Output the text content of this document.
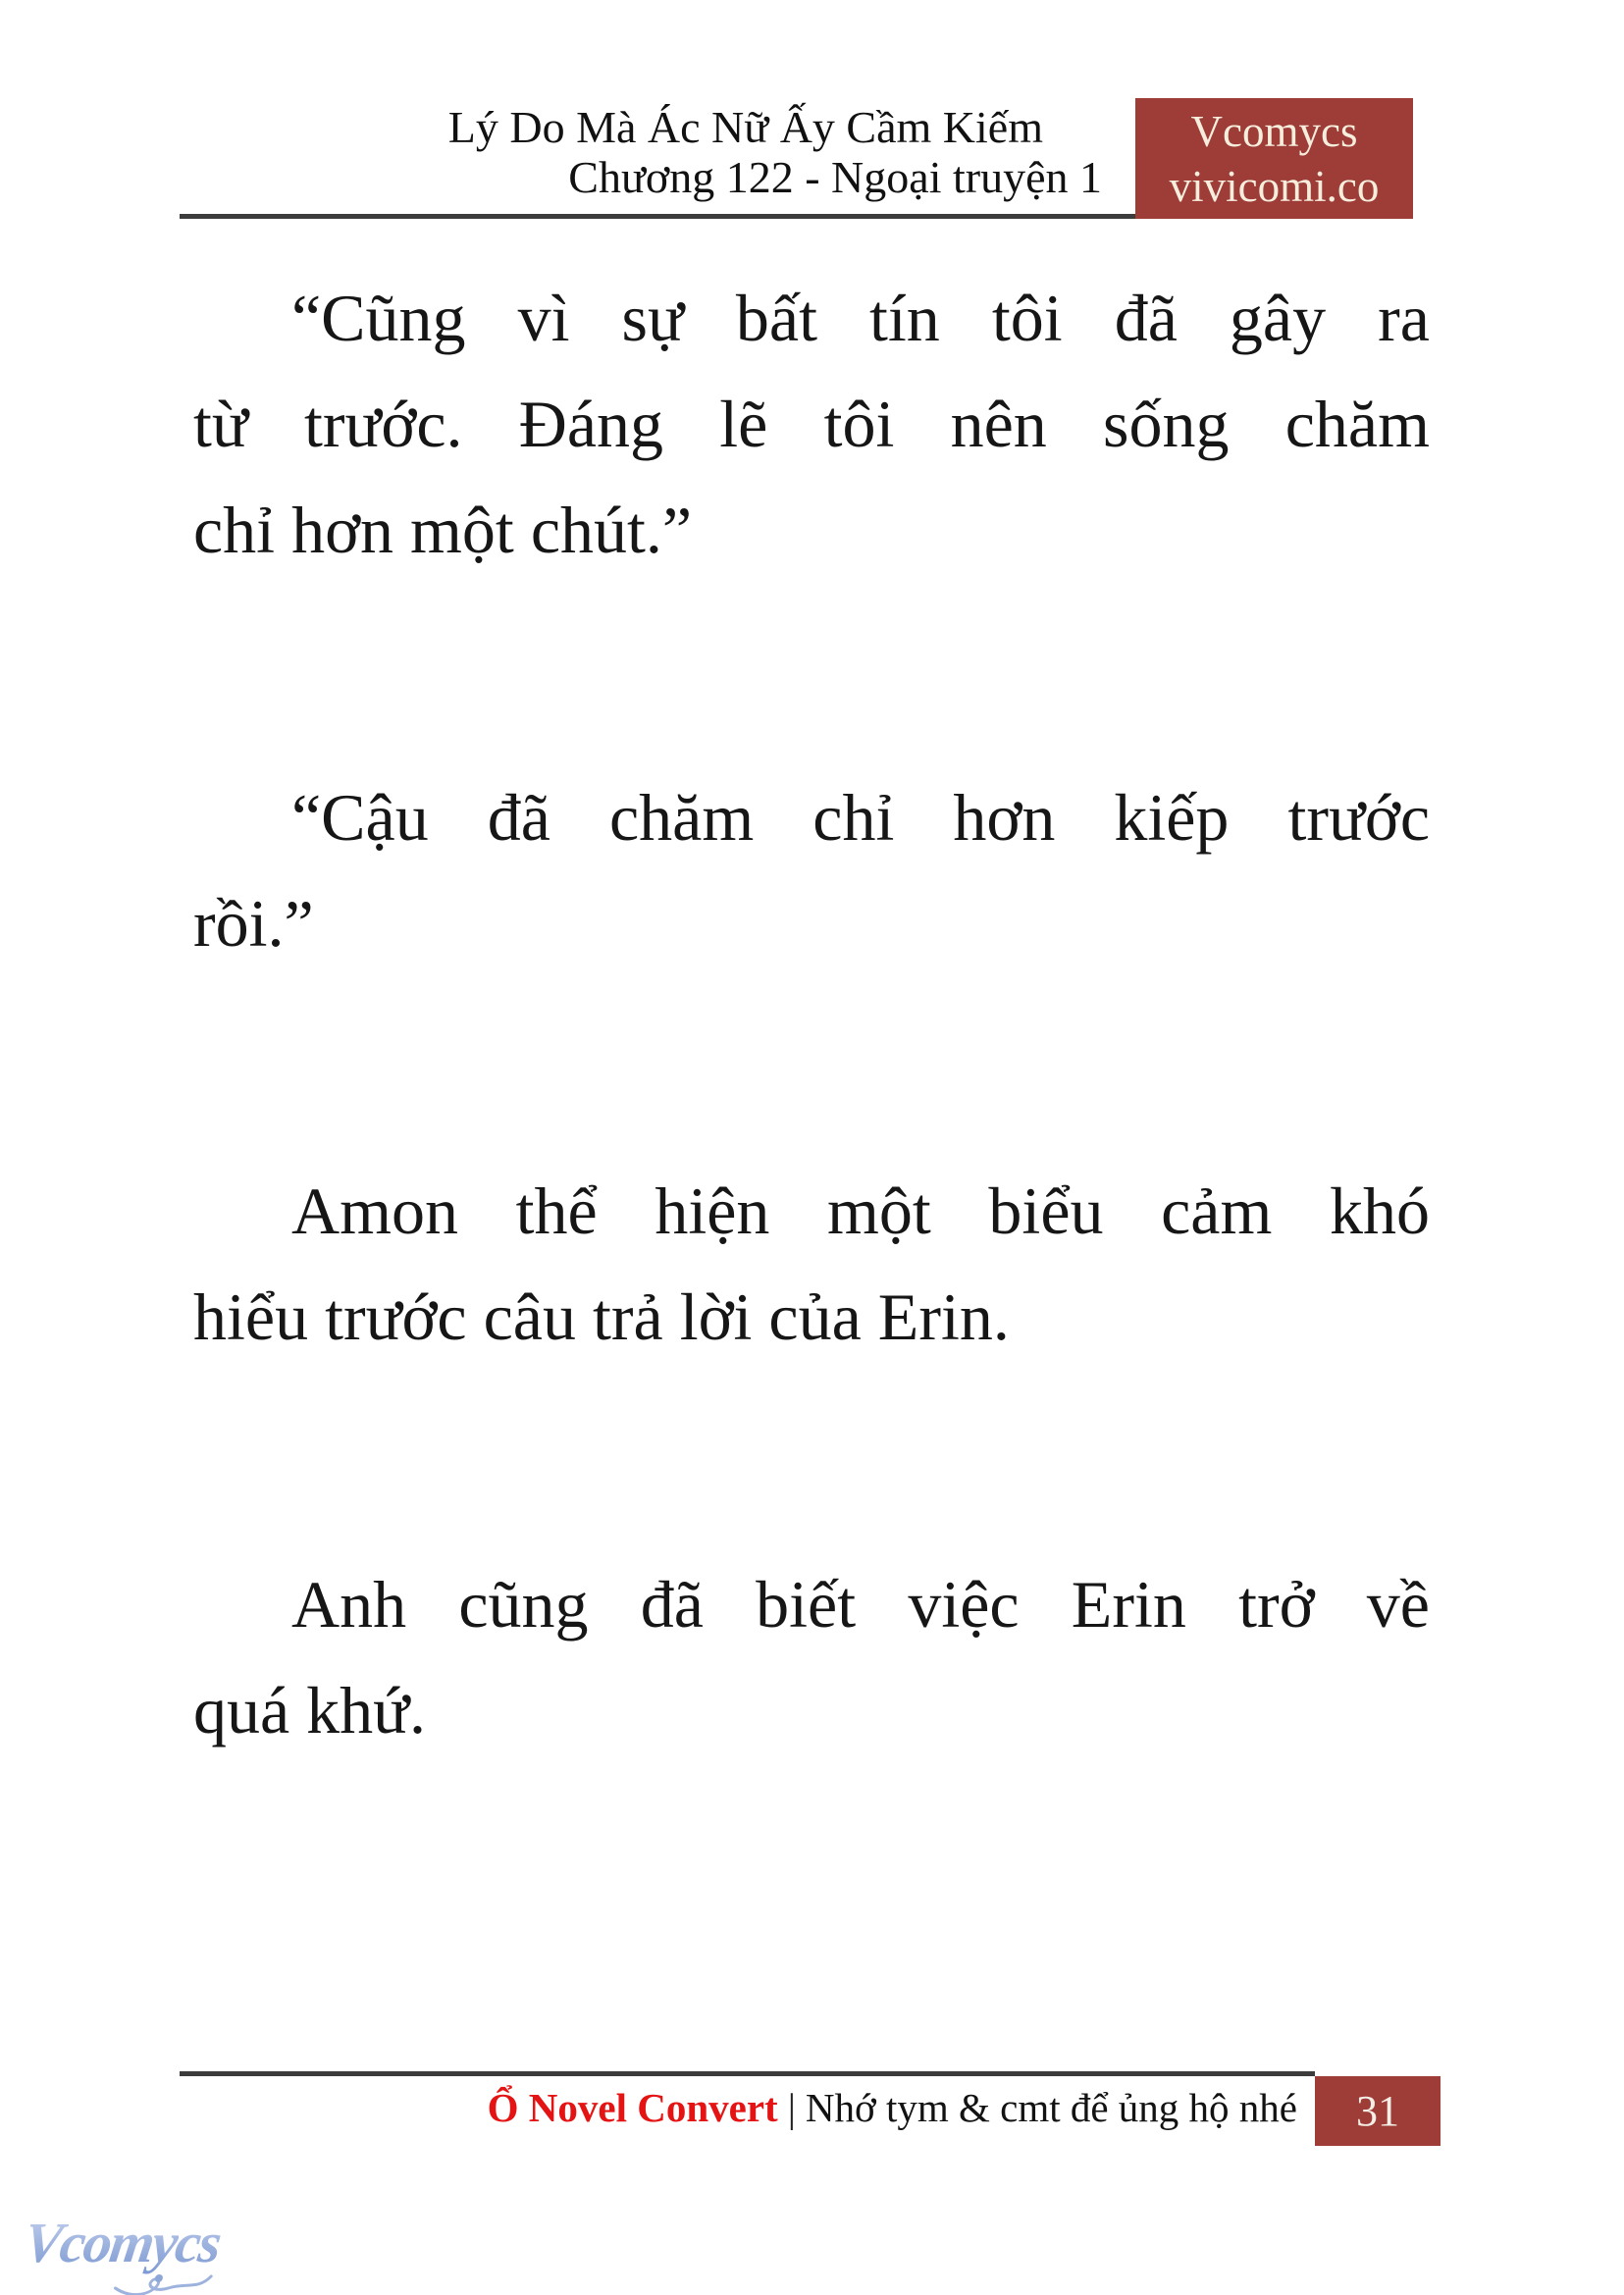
Lý Do Mà Ác Nữ Ấy Cầm Kiếm
Chương 122 - Ngoại truyện 1
Vcomycs
vivicomi.co
“Cũng vì sự bất tín tôi đã gây ra
từ trước. Đáng lẽ tôi nên sống chăm
chỉ hơn một chút.”
“Cậu đã chăm chỉ hơn kiếp trước
rồi.”
Amon thể hiện một biểu cảm khó
hiểu trước câu trả lời của Erin.
Anh cũng đã biết việc Erin trở về
quá khứ.
Ổ Novel Convert | Nhớ tym & cmt để ủng hộ nhé 31
Vcomycs
